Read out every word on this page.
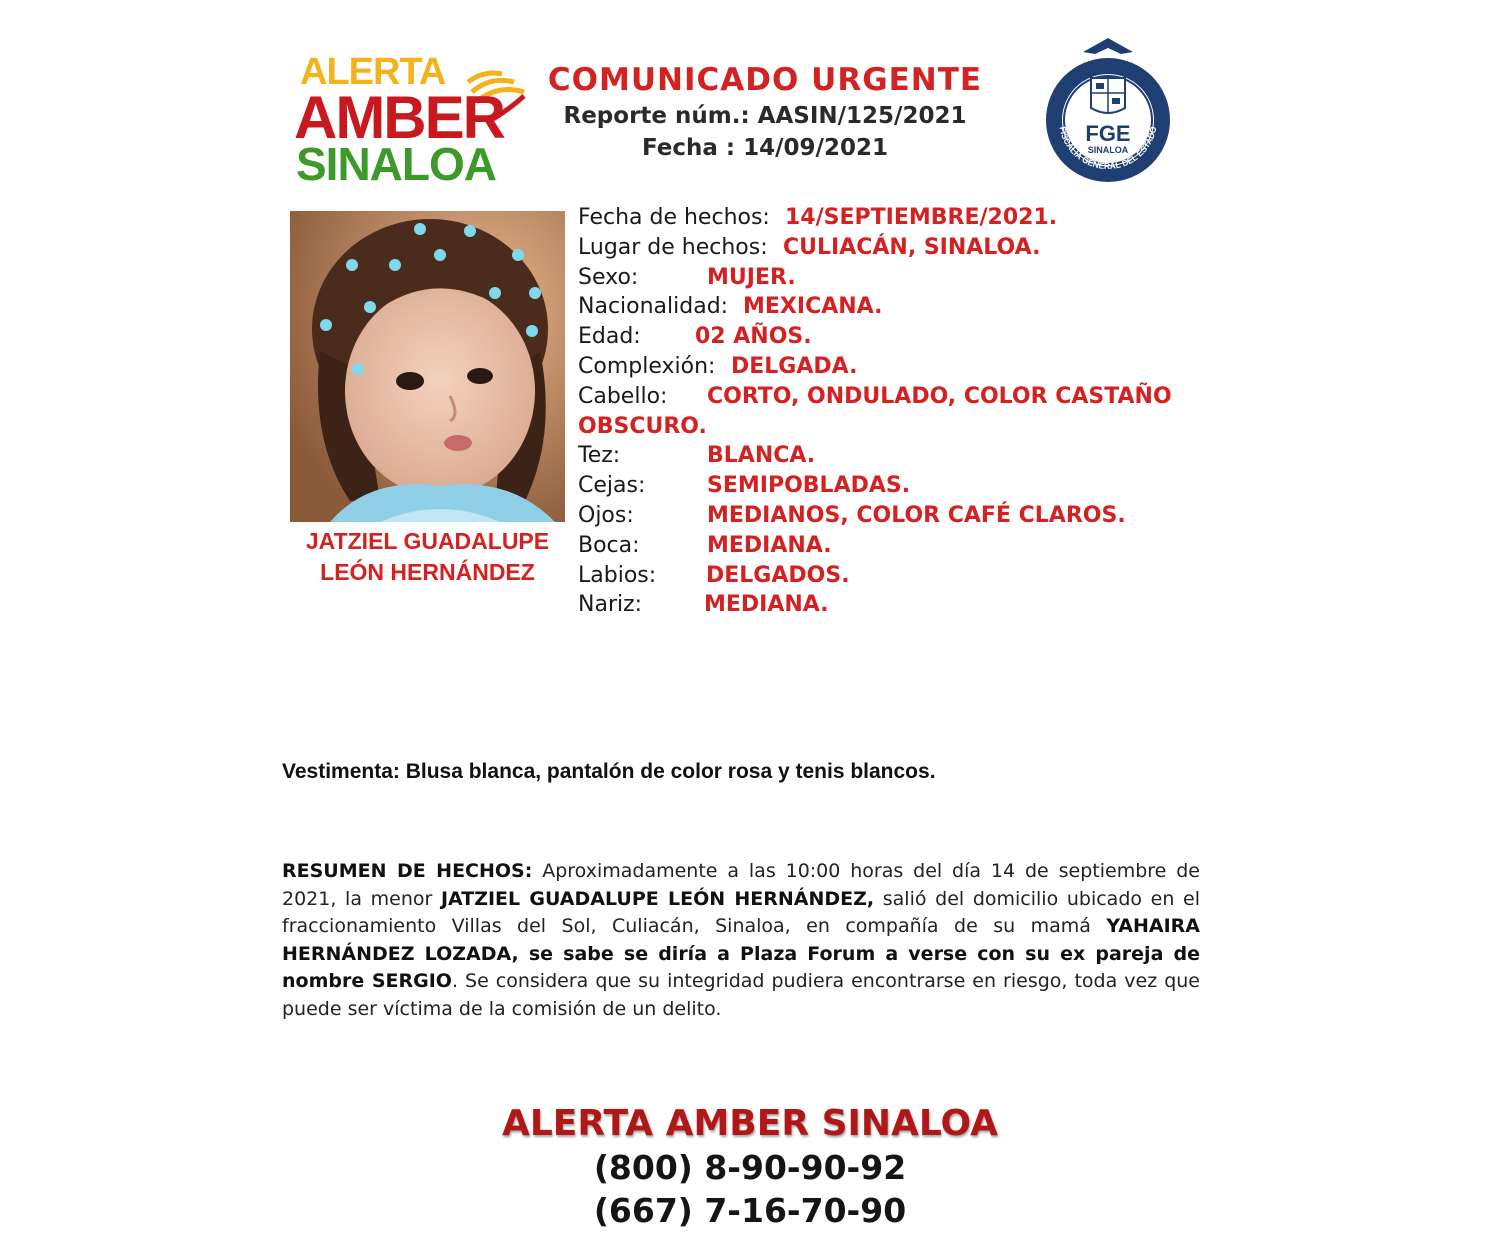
ALERTA
AMBER
SINALOA
COMUNICADO URGENTE
Reporte núm.: AASIN/125/2021
Fecha : 14/09/2021
FGE
SINALOA
FISCALÍA GENERAL DEL ESTADO
JATZIEL GUADALUPE
LEÓN HERNÁNDEZ
Fecha de hechos: 14/SEPTIEMBRE/2021.
Lugar de hechos: CULIACÁN, SINALOA.
Sexo:	MUJER.
Nacionalidad: MEXICANA.
Edad: 02 AÑOS.
Complexión: DELGADA.
Cabello:	CORTO, ONDULADO, COLOR CASTAÑO
OBSCURO.
Tez:	BLANCA.
Cejas:	SEMIPOBLADAS.
Ojos:	MEDIANOS, COLOR CAFÉ CLAROS.
Boca:	MEDIANA.
Labios: DELGADOS.
Nariz:	MEDIANA.
Vestimenta: Blusa blanca, pantalón de color rosa y tenis blancos.
RESUMEN DE HECHOS: Aproximadamente a las 10:00 horas del día 14 de septiembre de 2021, la menor JATZIEL GUADALUPE LEÓN HERNÁNDEZ, salió del domicilio ubicado en el fraccionamiento Villas del Sol, Culiacán, Sinaloa, en compañía de su mamá YAHAIRA HERNÁNDEZ LOZADA, se sabe se diría a Plaza Forum a verse con su ex pareja de nombre SERGIO. Se considera que su integridad pudiera encontrarse en riesgo, toda vez que puede ser víctima de la comisión de un delito.
ALERTA AMBER SINALOA
(800) 8-90-90-92
(667) 7-16-70-90
